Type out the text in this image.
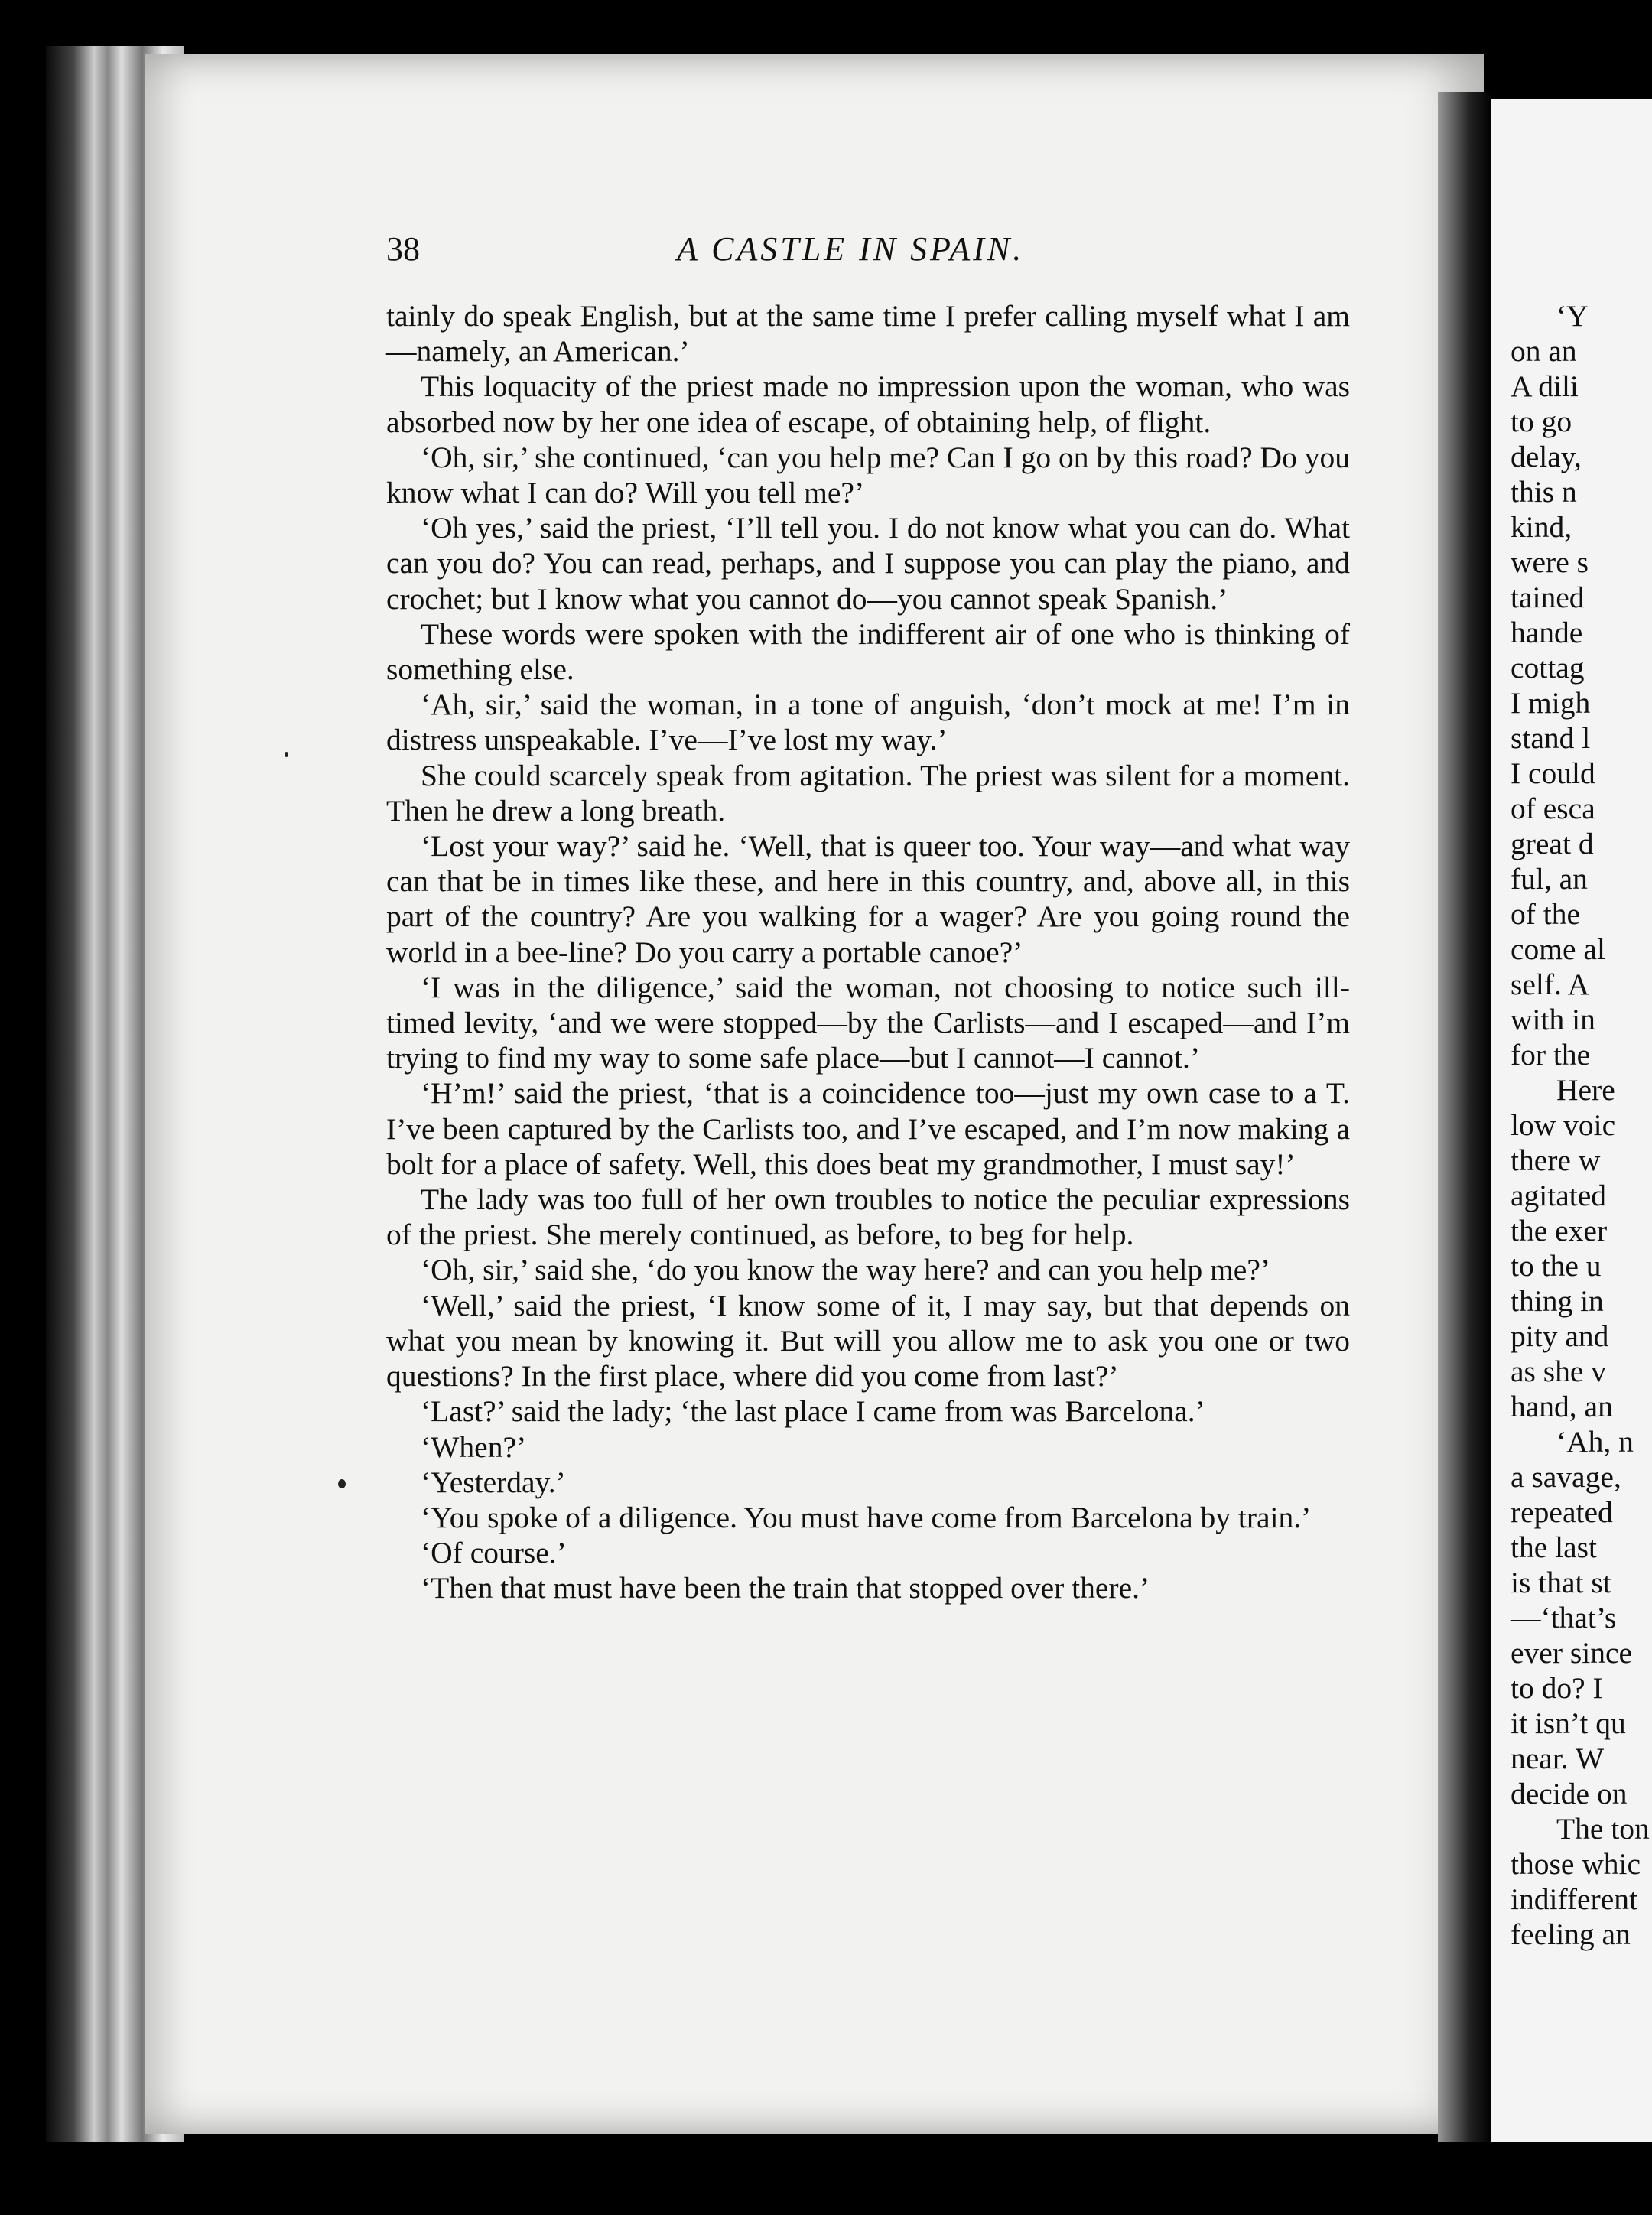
38	A CASTLE IN SPAIN.

tainly do speak English, but at the same time I prefer calling myself what I am—namely, an American.’

This loquacity of the priest made no impression upon the woman, who was absorbed now by her one idea of escape, of obtaining help, of flight.

‘Oh, sir,’ she continued, ‘can you help me? Can I go on by this road? Do you know what I can do? Will you tell me?’

‘Oh yes,’ said the priest, ‘I’ll tell you. I do not know what you can do. What can you do? You can read, perhaps, and I suppose you can play the piano, and crochet; but I know what you cannot do—you cannot speak Spanish.’

These words were spoken with the indifferent air of one who is thinking of something else.

‘Ah, sir,’ said the woman, in a tone of anguish, ‘don’t mock at me! I’m in distress unspeakable. I’ve—I’ve lost my way.’

She could scarcely speak from agitation. The priest was silent for a moment. Then he drew a long breath.

‘Lost your way?’ said he. ‘Well, that is queer too. Your way—and what way can that be in times like these, and here in this country, and, above all, in this part of the country? Are you walking for a wager? Are you going round the world in a bee-line? Do you carry a portable canoe?’

‘I was in the diligence,’ said the woman, not choosing to notice such ill-timed levity, ‘and we were stopped—by the Carlists—and I escaped—and I’m trying to find my way to some safe place—but I cannot—I cannot.’

‘H’m!’ said the priest, ‘that is a coincidence too—just my own case to a T. I’ve been captured by the Carlists too, and I’ve escaped, and I’m now making a bolt for a place of safety. Well, this does beat my grandmother, I must say!’

The lady was too full of her own troubles to notice the peculiar expressions of the priest. She merely continued, as before, to beg for help.

‘Oh, sir,’ said she, ‘do you know the way here? and can you help me?’

‘Well,’ said the priest, ‘I know some of it, I may say, but that depends on what you mean by knowing it. But will you allow me to ask you one or two questions? In the first place, where did you come from last?’

‘Last?’ said the lady; ‘the last place I came from was Barcelona.’

‘When?’

‘Yesterday.’

‘You spoke of a diligence. You must have come from Barcelona by train.’

‘Of course.’

‘Then that must have been the train that stopped over there.’

‘Y
on an
A dili
to go
delay,
this n
kind,
were s
tained
hande
cottag
I migh
stand l
I could
of esca
great d
ful, an
of the
come al
self. A
with in
for the
Here
low voic
there w
agitated
the exer
to the u
thing in
pity and
as she v
hand, an
‘Ah, n
a savage,
repeated
the last
is that st
—‘that’s
ever since
to do? I
it isn’t qu
near. W
decide on
The ton
those whic
indifferent
feeling an
